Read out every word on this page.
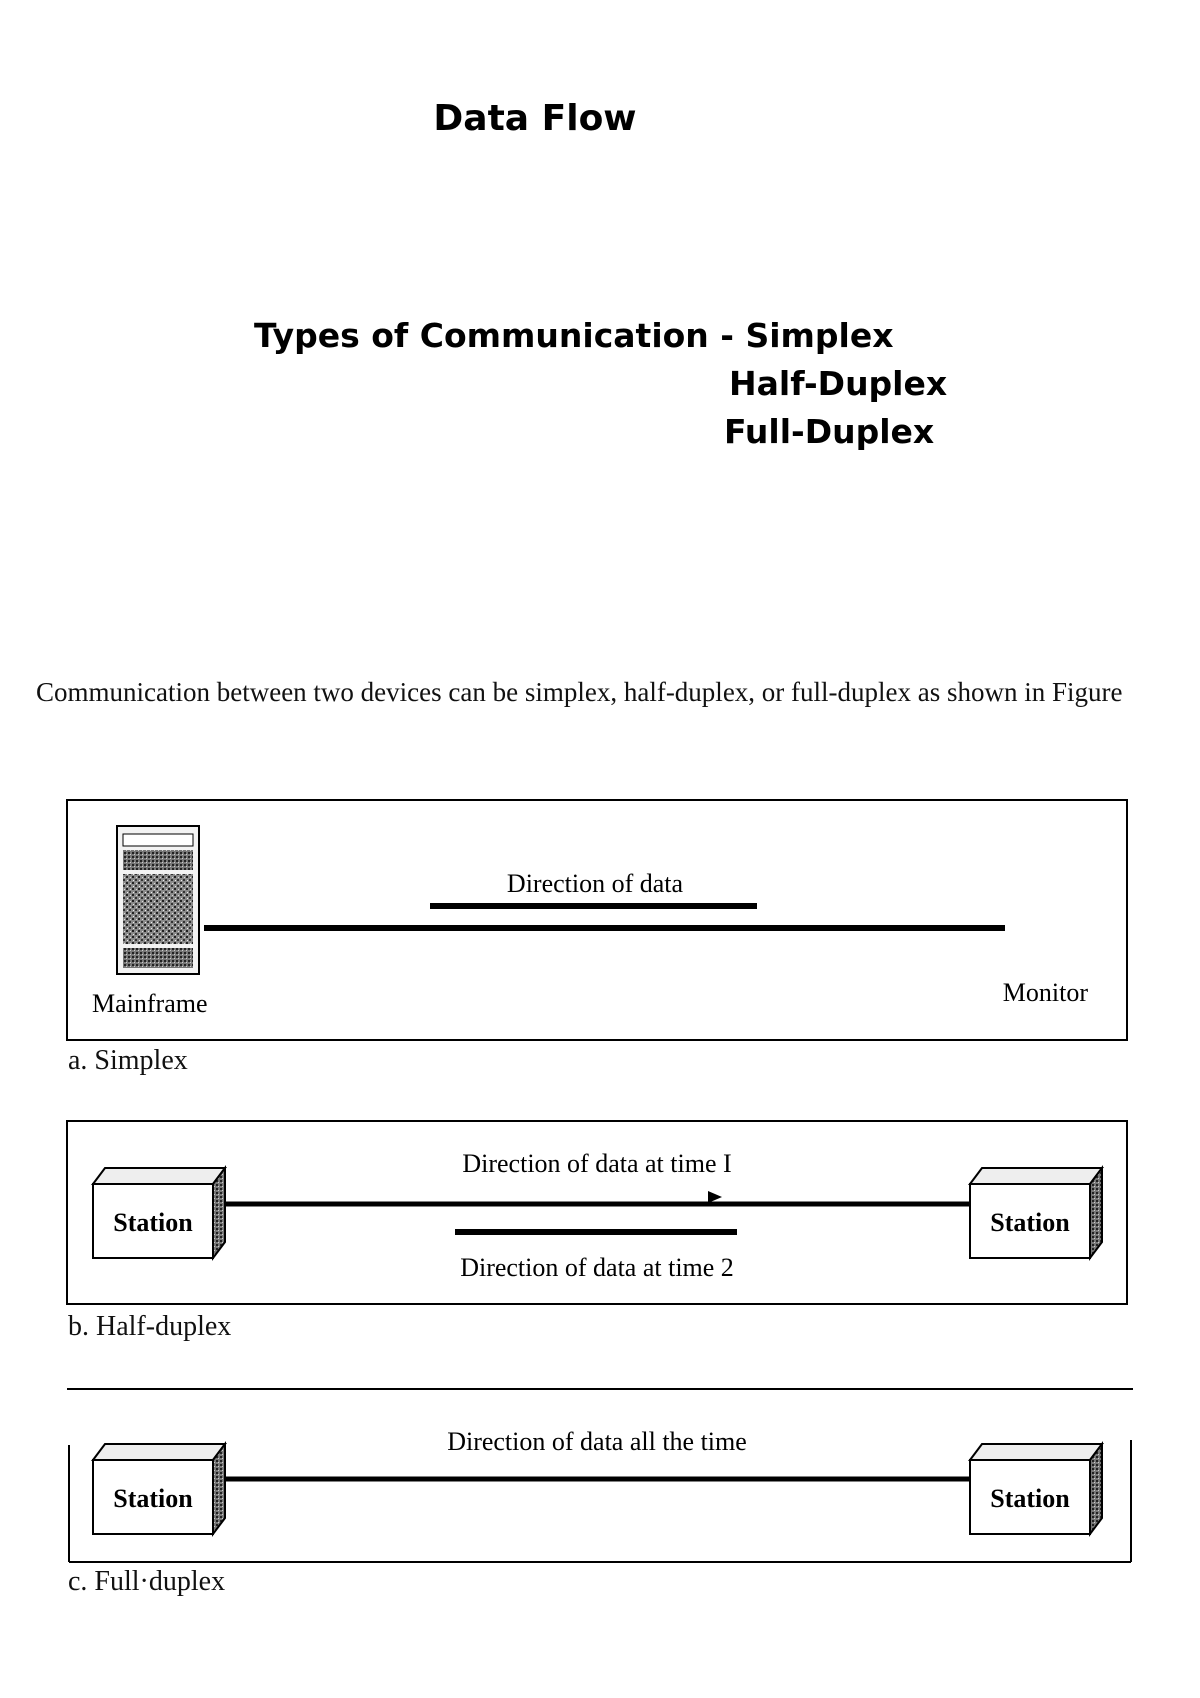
Data Flow
Types of Communication - Simplex
Half-Duplex
Full-Duplex
Communication between two devices can be simplex, half-duplex, or full-duplex as shown in Figure
Direction of data
Mainframe	Monitor
Station	Station
Direction of data at time I
Direction of data at time 2
Station	Station
Direction of data all the time
a. Simplex
b. Half-duplex
c. Full·duplex
